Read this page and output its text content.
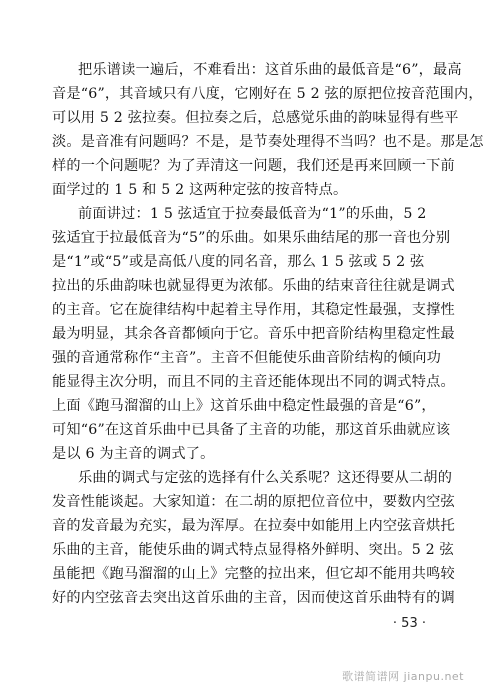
把乐谱读一遍后，不难看出：这首乐曲的最低音是“6”，最高
音是“6”，其音域只有八度，它刚好在 5 2 弦的原把位按音范围内，
可以用 5 2 弦拉奏。但拉奏之后，总感觉乐曲的韵味显得有些平
淡。是音准有问题吗？不是，是节奏处理得不当吗？也不是。那是怎
样的一个问题呢？为了弄清这一问题，我们还是再来回顾一下前
面学过的 1 5 和 5 2 这两种定弦的按音特点。
前面讲过：1 5 弦适宜于拉奏最低音为“1”的乐曲，5 2
弦适宜于拉最低音为“5”的乐曲。如果乐曲结尾的那一音也分别
是“1”或“5”或是高低八度的同名音，那么 1 5 弦或 5 2 弦
拉出的乐曲韵味也就显得更为浓郁。乐曲的结束音往往就是调式
的主音。它在旋律结构中起着主导作用，其稳定性最强，支撑性
最为明显，其余各音都倾向于它。音乐中把音阶结构里稳定性最
强的音通常称作“主音”。主音不但能使乐曲音阶结构的倾向功
能显得主次分明，而且不同的主音还能体现出不同的调式特点。
上面《跑马溜溜的山上》这首乐曲中稳定性最强的音是“6”，
可知“6”在这首乐曲中已具备了主音的功能，那这首乐曲就应该
是以 6 为主音的调式了。
乐曲的调式与定弦的选择有什么关系呢？这还得要从二胡的
发音性能谈起。大家知道：在二胡的原把位音位中，要数内空弦
音的发音最为充实，最为浑厚。在拉奏中如能用上内空弦音烘托
乐曲的主音，能使乐曲的调式特点显得格外鲜明、突出。5 2 弦
虽能把《跑马溜溜的山上》完整的拉出来，但它却不能用共鸣较
好的内空弦音去突出这首乐曲的主音，因而使这首乐曲特有的调
· 53 ·
歌谱简谱网 jianpu.net
